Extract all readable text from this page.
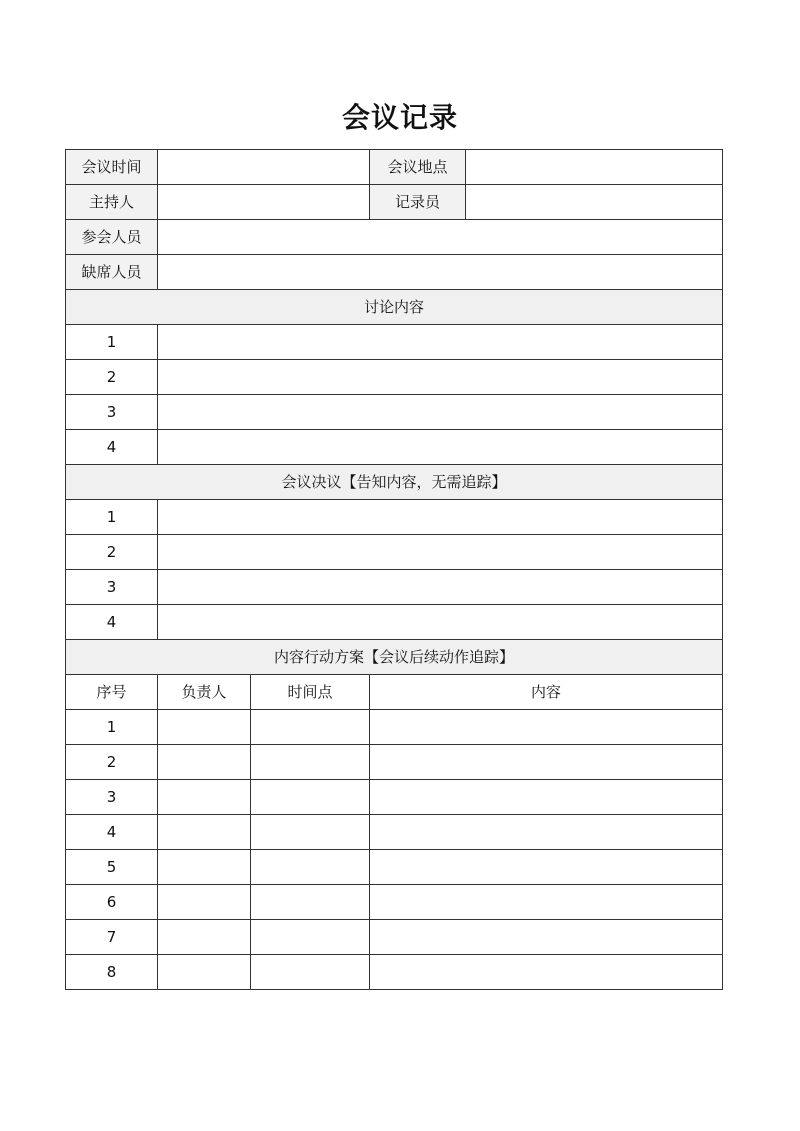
会议记录
会议时间			会议地点	
主持人			记录员	
参会人员				
缺席人员				
讨论内容				
1				
2				
3				
4				
会议决议【告知内容，无需追踪】				
1				
2				
3				
4				
内容行动方案【会议后续动作追踪】				
序号	负责人	时间点	内容	
1				
2				
3				
4				
5				
6				
7				
8				
